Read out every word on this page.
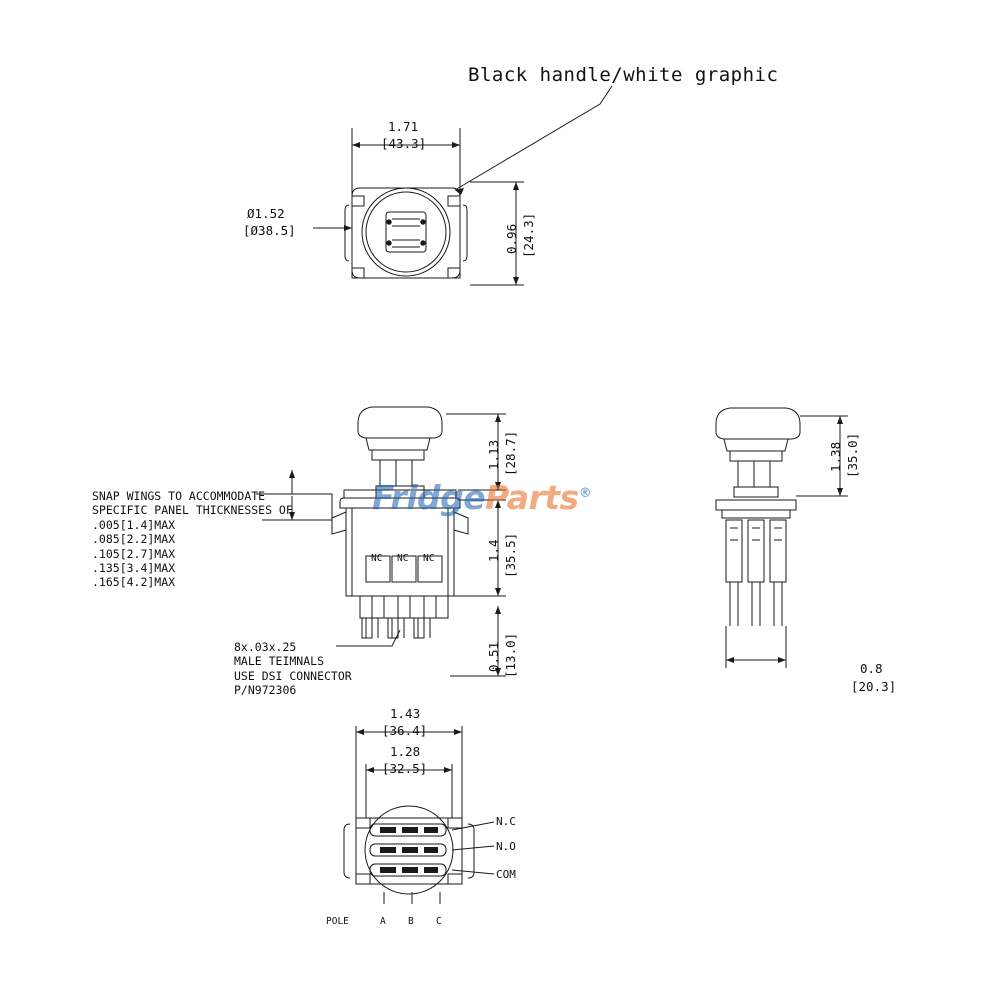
Black handle/white graphic
1.71
[43.3]
Ø1.52
[Ø38.5]	0.96 [24.3]
SNAP WINGS TO ACCOMMODATE
SPECIFIC PANEL THICKNESSES OF
.005[1.4]MAX
.085[2.2]MAX
.105[2.7]MAX
.135[3.4]MAX
.165[4.2]MAX
8x.03x.25
MALE TEIMNALS
USE DSI CONNECTOR
P/N972306
NC NC NC
1.13 [28.7]
1.4 [35.5]
0.51 [13.0]
1.38 [35.0]
0.8
[20.3]
1.43
[36.4]
1.28
[32.5]
N.C
N.O
COM
POLE	A B C
FridgeParts®
